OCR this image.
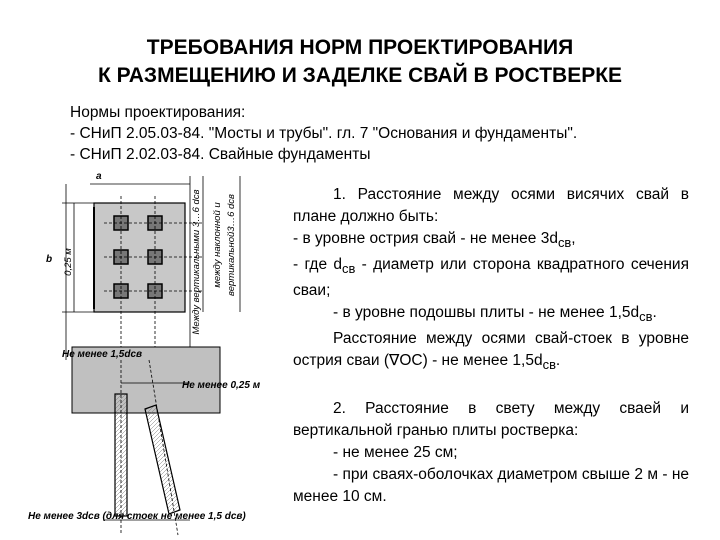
ТРЕБОВАНИЯ НОРМ ПРОЕКТИРОВАНИЯ
К РАЗМЕЩЕНИЮ И ЗАДЕЛКЕ СВАЙ В РОСТВЕРКЕ
Нормы проектирования:
- СНиП 2.05.03-84. "Мосты и трубы". гл. 7 "Основания и фундаменты".
- СНиП 2.02.03-84. Свайные фундаменты
а
b 0,25 м	Между вертикальными 3…6 dсв между наклонной и вертикальной3…6 dсв
Не менее 1,5dсв
Не менее 0,25 м
Не менее 3dсв (для стоек не менее 1,5 dсв)

1. Расстояние между осями висячих свай в плане должно быть:

- в уровне острия свай - не менее $3d_{св}$,

- где $d_{св}$ - диаметр или сторона квадратного сечения сваи;

- в уровне подошвы плиты - не менее $1,5d_{св}$.

Расстояние между осями свай-стоек в уровне острия сваи (∇ОС) - не менее $1,5d_{св}$.

2. Расстояние в свету между сваей и вертикальной гранью плиты ростверка:

- не менее 25 см;

- при сваях-оболочках диаметром свыше 2 м - не менее 10 см.
